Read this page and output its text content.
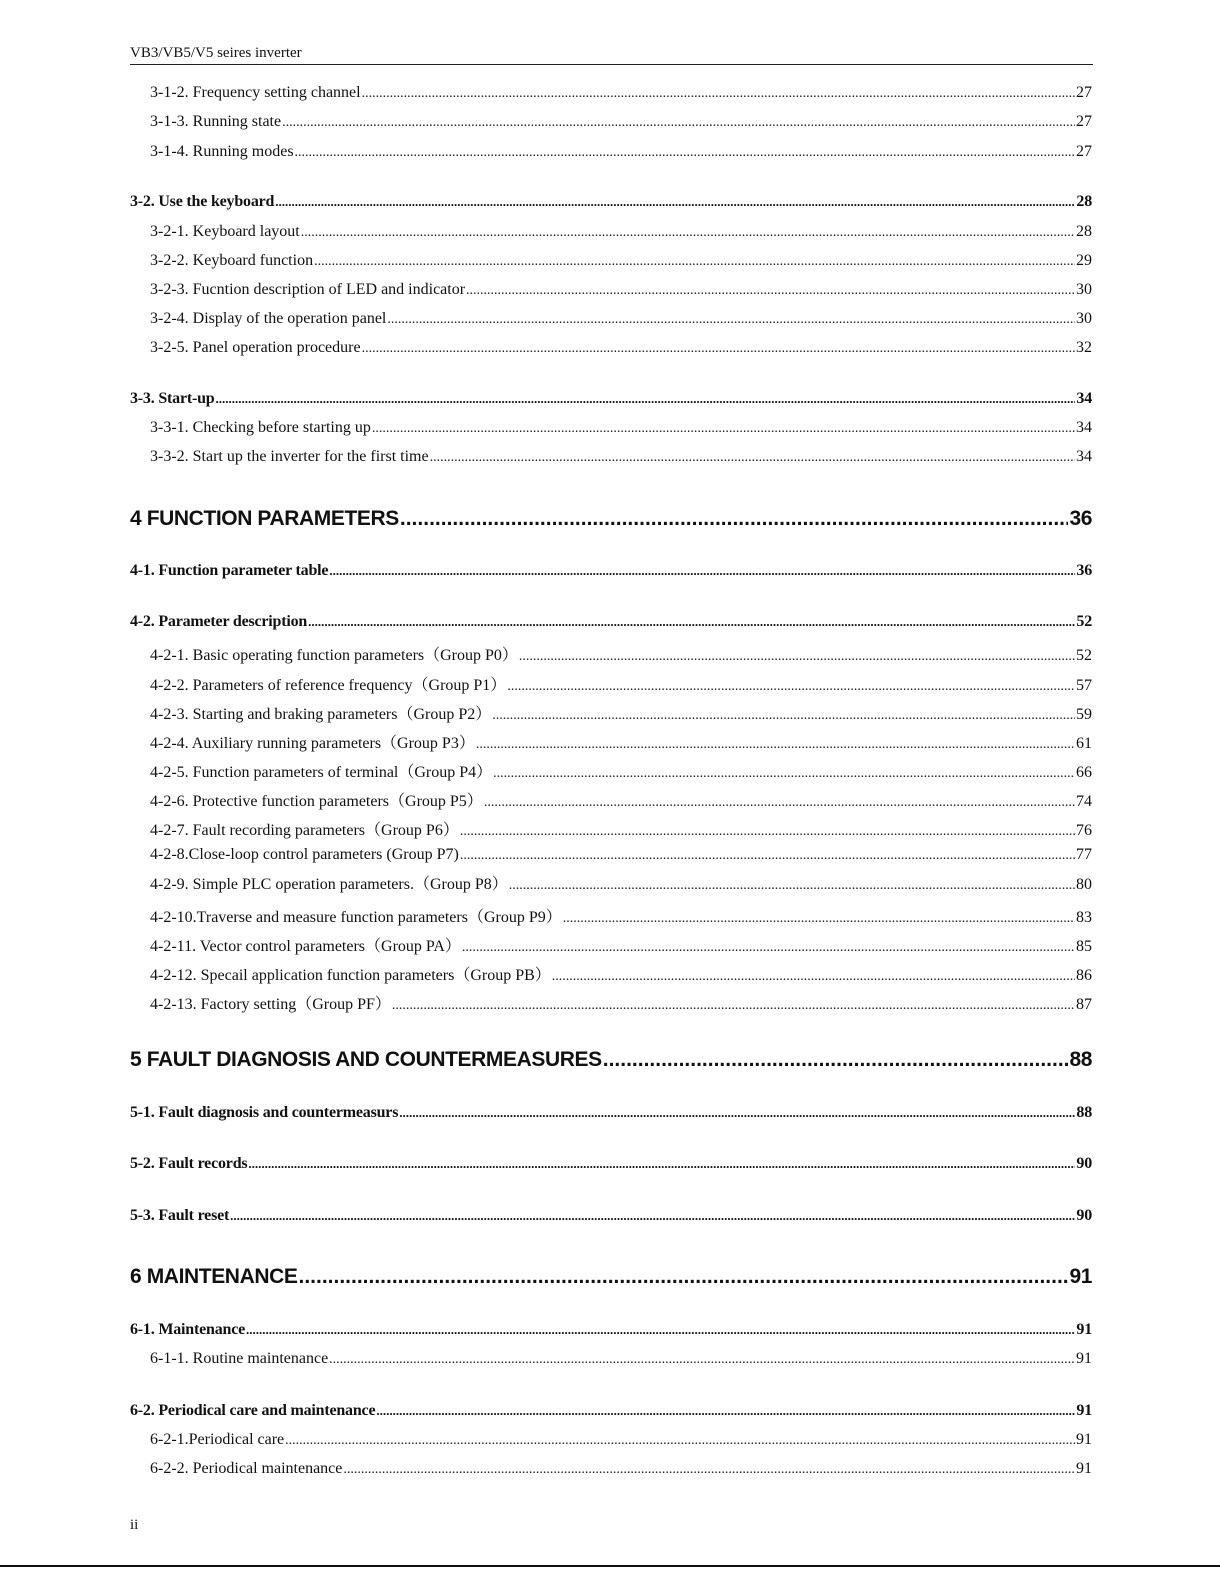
VB3/VB5/V5 seires inverter
3-1-2. Frequency setting channel .....	27
3-1-3. Running state .....	27
3-1-4. Running modes .....	27
3-2. Use the keyboard .....	28
3-2-1. Keyboard layout .....	28
3-2-2. Keyboard function .....	29
3-2-3. Fucntion description of LED and indicator .....	30
3-2-4. Display of the operation panel .....	30
3-2-5. Panel operation procedure .....	32
3-3. Start-up .....	34
3-3-1. Checking before starting up .....	34
3-3-2. Start up the inverter for the first time .....	34
4 FUNCTION PARAMETERS .....	36
4-1. Function parameter table .....	36
4-2. Parameter description .....	52
4-2-1. Basic operating function parameters（Group P0） .....	52
4-2-2. Parameters of reference frequency（Group P1） .....	57
4-2-3. Starting and braking parameters（Group P2） .....	59
4-2-4. Auxiliary running parameters（Group P3） .....	61
4-2-5. Function parameters of terminal（Group P4） .....	66
4-2-6. Protective function parameters（Group P5） .....	74
4-2-7. Fault recording parameters（Group P6） .....	76
4-2-8.Close-loop control parameters (Group P7) .....	77
4-2-9. Simple PLC operation parameters.（Group P8） .....	80
4-2-10.Traverse and measure function parameters（Group P9） .....	83
4-2-11. Vector control parameters（Group PA） .....	85
4-2-12. Specail application function parameters（Group PB） .....	86
4-2-13. Factory setting（Group PF） .....	87
5 FAULT DIAGNOSIS AND COUNTERMEASURES .....	88
5-1. Fault diagnosis and countermeasurs .....	88
5-2. Fault records .....	90
5-3. Fault reset .....	90
6 MAINTENANCE .....	91
6-1. Maintenance .....	91
6-1-1. Routine maintenance .....	91
6-2. Periodical care and maintenance .....	91
6-2-1.Periodical care .....	91
6-2-2. Periodical maintenance .....	91
ii
